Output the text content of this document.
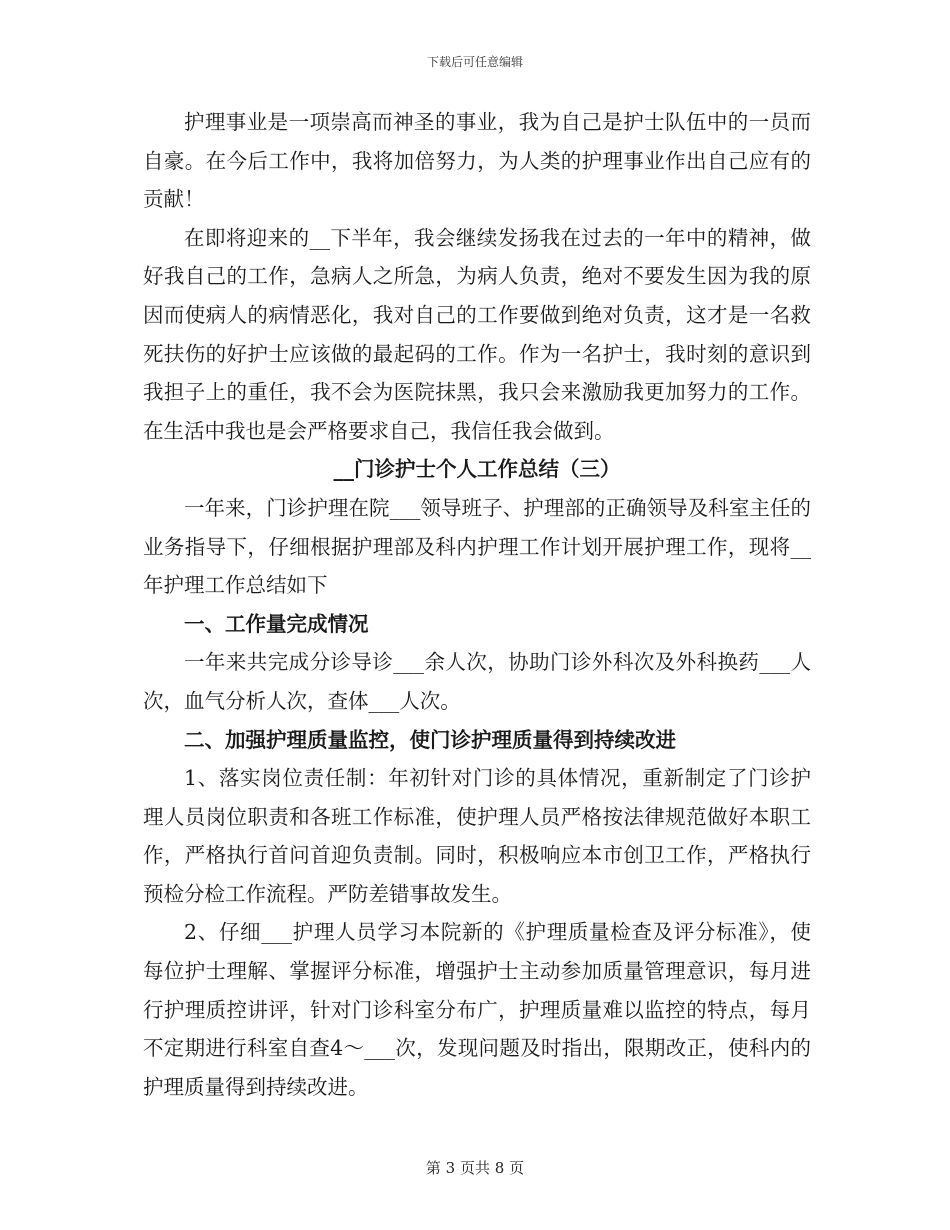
下载后可任意编辑

护理事业是一项崇高而神圣的事业，我为自己是护士队伍中的一员而自豪。在今后工作中，我将加倍努力，为人类的护理事业作出自己应有的贡献！

在即将迎来的__下半年，我会继续发扬我在过去的一年中的精神，做好我自己的工作，急病人之所急，为病人负责，绝对不要发生因为我的原因而使病人的病情恶化，我对自己的工作要做到绝对负责，这才是一名救死扶伤的好护士应该做的最起码的工作。作为一名护士，我时刻的意识到我担子上的重任，我不会为医院抹黑，我只会来激励我更加努力的工作。在生活中我也是会严格要求自己，我信任我会做到。

__门诊护士个人工作总结（三）

一年来，门诊护理在院___领导班子、护理部的正确领导及科室主任的业务指导下，仔细根据护理部及科内护理工作计划开展护理工作，现将__年护理工作总结如下

一、工作量完成情况

一年来共完成分诊导诊___余人次，协助门诊外科次及外科换药___人次，血气分析人次，查体___人次。

二、加强护理质量监控，使门诊护理质量得到持续改进

1、落实岗位责任制：年初针对门诊的具体情况，重新制定了门诊护理人员岗位职责和各班工作标准，使护理人员严格按法律规范做好本职工作，严格执行首问首迎负责制。同时，积极响应本市创卫工作，严格执行预检分检工作流程。严防差错事故发生。

2、仔细___护理人员学习本院新的《护理质量检查及评分标准》，使每位护士理解、掌握评分标准，增强护士主动参加质量管理意识，每月进行护理质控讲评，针对门诊科室分布广，护理质量难以监控的特点，每月不定期进行科室自查4～___次，发现问题及时指出，限期改正，使科内的护理质量得到持续改进。

第 3 页共 8 页
